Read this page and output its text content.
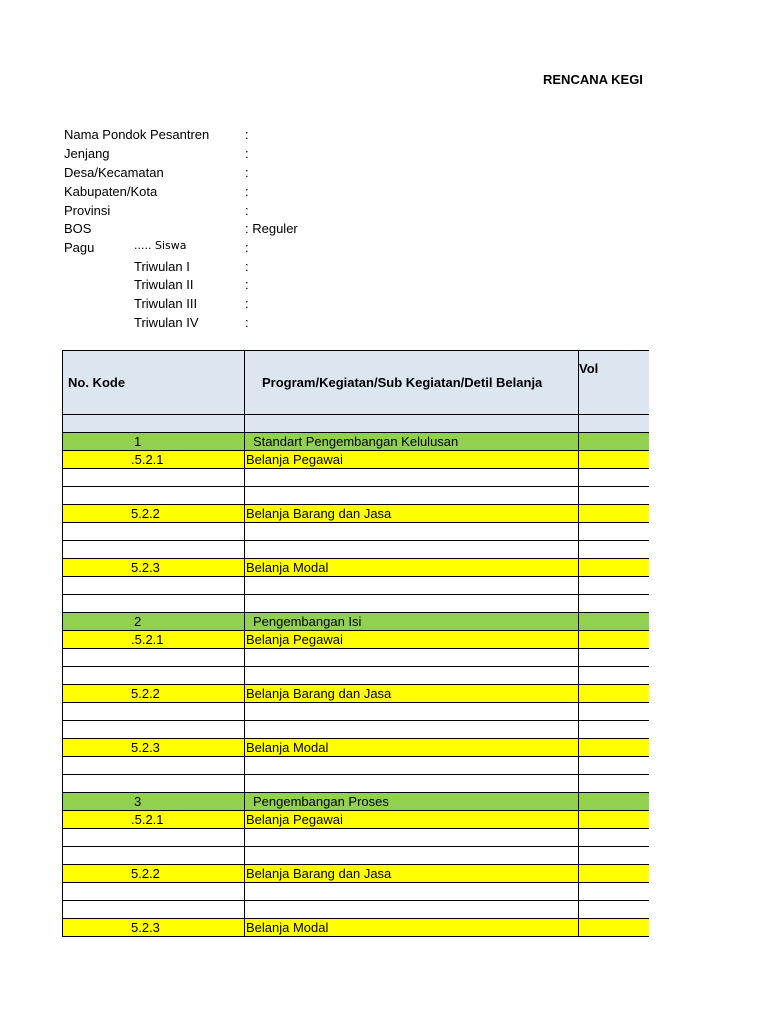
RENCANA KEGI
Nama Pondok Pesantren	:
Jenjang	:
Desa/Kecamatan	:
Kabupaten/Kota	:
Provinsi	:
BOS	: Reguler
Pagu	..... Siswa	:
Triwulan I	:
Triwulan II	:
Triwulan III	:
Triwulan IV	:
No. Kode	Program/Kegiatan/Sub Kegiatan/Detil Belanja	Vol

1	Standart Pengembangan Kelulusan	
.5.2.1	Belanja Pegawai	

5.2.2	Belanja Barang dan Jasa	

5.2.3	Belanja Modal	

2	Pengembangan Isi	
.5.2.1	Belanja Pegawai	

5.2.2	Belanja Barang dan Jasa	

5.2.3	Belanja Modal	

3	Pengembangan Proses	
.5.2.1	Belanja Pegawai	

5.2.2	Belanja Barang dan Jasa	

5.2.3	Belanja Modal	
